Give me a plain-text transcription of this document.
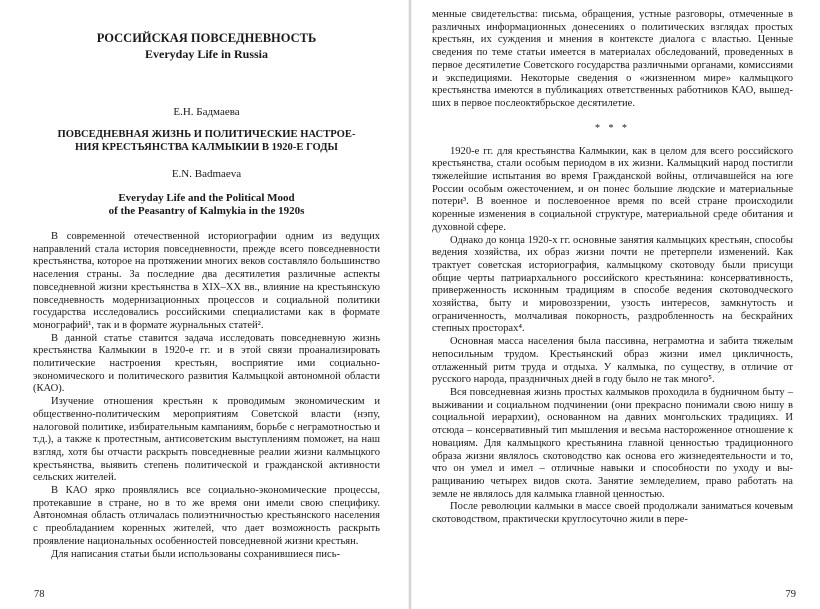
РОССИЙСКАЯ ПОВСЕДНЕВНОСТЬ
Everyday Life in Russia
Е.Н. Бадмаева
ПОВСЕДНЕВНАЯ ЖИЗНЬ И ПОЛИТИЧЕСКИЕ НАСТРОЕ-
НИЯ КРЕСТЬЯНСТВА КАЛМЫКИИ В 1920-Е ГОДЫ
E.N. Badmaeva
Everyday Life and the Political Mood
of the Peasantry of Kalmykia in the 1920s

В современной отечественной историографии одним из ведущих направлений стала история повседневности, прежде всего повседневности крестьянства, которое на протяжении многих веков составляло большинство населения страны. За последние два десятилетия различные аспекты повседневной жизни крестьянства в XIX–XX вв., влияние на крестьянскую повседневность модернизационных процессов и социальной политики государства исследовались российскими специалистами как в формате монографий¹, так и в формате журнальных статей².

В данной статье ставится задача исследовать повседневную жизнь крестьянства Калмыкии в 1920-е гг. и в этой связи проанализировать политические настроения крестьян, восприятие ими социально-экономического и политического развития Калмыцкой автономной области (КАО).

Изучение отношения крестьян к проводимым экономическим и общественно-политическим мероприятиям Советской власти (нэпу, налоговой политике, избирательным кампаниям, борьбе с неграмотностью и т.д.), а также к протестным, антисоветским выступлениям поможет, на наш взгляд, хотя бы отчасти раскрыть повседневные реалии жизни калмыцкого крестьянства, выявить степень политической и гражданской активности сельских жителей.

В КАО ярко проявлялись все социально-экономические процессы, протекавшие в стране, но в то же время они имели свою специфику. Автономная область отличалась полиэтничностью крестьянского населения с преобладанием коренных жителей, что дает возможность раскрыть проявление национальных особенностей повседневной жизни крестьян.

Для написания статьи были использованы сохранившиеся пись-

78

менные свидетельства: письма, обращения, устные разговоры, отмеченные в различных информационных донесениях о политических взглядах простых крестьян, их суждения и мнения в контексте диалога с властью. Ценные сведения по теме статьи имеется в материалах обследований, проведенных в первое десятилетие Советского государства различными органами, комиссиями и экспедициями. Некоторые сведения о «жизненном мире» калмыцкого крестьянства имеются в публикациях ответственных работников КАО, вышедших в первое послеоктябрьское десятилетие.

* * *

1920-е гг. для крестьянства Калмыкии, как в целом для всего российского крестьянства, стали особым периодом в их жизни. Калмыцкий народ постигли тяжелейшие испытания во время Гражданской войны, отличавшейся на юге России особым ожесточением, и он понес большие людские и материальные потери³. В военное и послевоенное время по всей стране происходили коренные изменения в социальной структуре, материальной среде обитания и духовной сфере.

Однако до конца 1920-х гг. основные занятия калмыцких крестьян, способы ведения хозяйства, их образ жизни почти не претерпели изменений. Как трактует советская историография, калмыцкому скотоводу были присущи общие черты патриархального российского крестьянина: консервативность, приверженность исконным традициям в способе ведения скотоводческого хозяйства, быту и мировоззрении, узость интересов, замкнутость и ограниченность, молчаливая покорность, раздробленность на бескрайних степных просторах⁴.

Основная масса населения была пассивна, неграмотна и забита тяжелым непосильным трудом. Крестьянский образ жизни имел цикличность, отлаженный ритм труда и отдыха. У калмыка, по существу, в отличие от русского народа, праздничных дней в году было не так много⁵.

Вся повседневная жизнь простых калмыков проходила в будничном быту – выживании и социальном подчинении (они прекрасно понимали свою нишу в социальной иерархии), основанном на давних монгольских традициях. И отсюда – консервативный тип мышления и весьма настороженное отношение к новациям. Для калмыцкого крестьянина главной ценностью традиционного образа жизни являлось скотоводство как основа его жизнедеятельности и то, что он умел и имел – отличные навыки и способности по уходу и выращиванию четырех видов скота. Занятие земледелием, право работать на земле не являлось для калмыка главной ценностью.

После революции калмыки в массе своей продолжали заниматься кочевым скотоводством, практически круглосуточно жили в пере-

79
